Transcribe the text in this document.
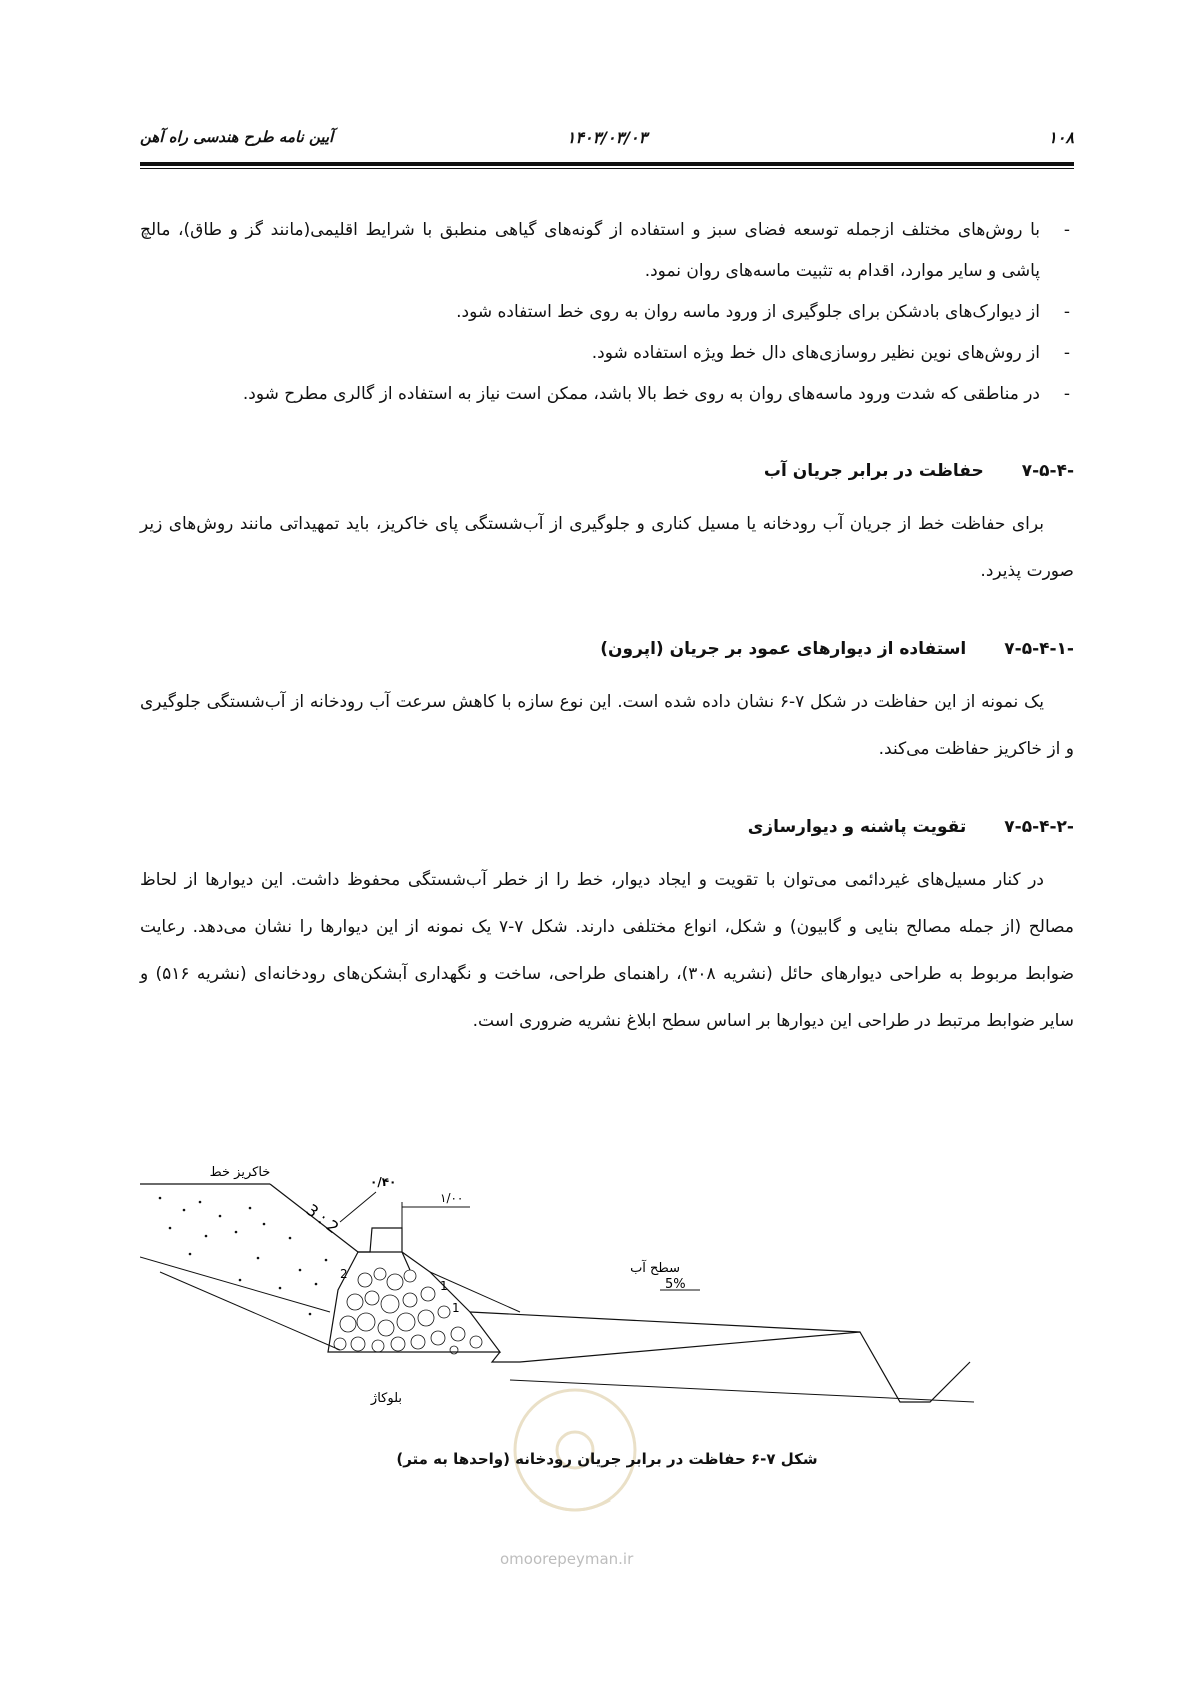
۱۰۸
۱۴۰۳/۰۳/۰۳
آیین نامه طرح هندسی راه آهن
-
با روش‌های مختلف ازجمله توسعه فضای سبز و استفاده از گونه‌های گیاهی منطبق با شرایط اقلیمی(مانند گز و طاق)، مالچ پاشی و سایر موارد، اقدام به تثبیت ماسه‌های روان نمود.
-
از دیوارک‌های بادشکن برای جلوگیری از ورود ماسه روان به روی خط استفاده شود.
-
از روش‌های نوین نظیر روسازی‌های دال خط ویژه استفاده شود.
-
در مناطقی که شدت ورود ماسه‌های روان به روی خط بالا باشد، ممکن است نیاز به استفاده از گالری مطرح شود.
۷-۵-۴-حفاظت در برابر جریان آب

برای حفاظت خط از جریان آب رودخانه یا مسیل کناری و جلوگیری از آب‌شستگی پای خاکریز، باید تمهیداتی مانند روش‌های زیر صورت پذیرد.

۷-۵-۴-۱-استفاده از دیوارهای عمود بر جریان (اپرون)

یک نمونه از این حفاظت در شکل ۷-۶ نشان داده شده است. این نوع سازه با کاهش سرعت آب رودخانه از آب‌شستگی جلوگیری و از خاکریز حفاظت می‌کند.

۷-۵-۴-۲-تقویت پاشنه و دیوارسازی

در کنار مسیل‌های غیردائمی می‌توان با تقویت و ایجاد دیوار، خط را از خطر آب‌شستگی محفوظ داشت. این دیوارها از لحاظ مصالح (از جمله مصالح بنایی و گابیون) و شکل، انواع مختلفی دارند. شکل ۷-۷ یک نمونه از این دیوارها را نشان می‌دهد. رعایت ضوابط مربوط به طراحی دیوارهای حائل (نشریه ۳۰۸)، راهنمای طراحی، ساخت و نگهداری آبشکن‌های رودخانه‌ای (نشریه ۵۱۶) و سایر ضوابط مرتبط در طراحی این دیوارها بر اساس سطح ابلاغ نشریه ضروری است.

خاکریز خط
3 : 2
۰/۴۰
۱/۰۰
سطح آب
5%
بلوکاژ
1
1
2
شکل ۷-۶ حفاظت در برابر جریان رودخانه (واحدها به متر)
omoorepeyman.ir
